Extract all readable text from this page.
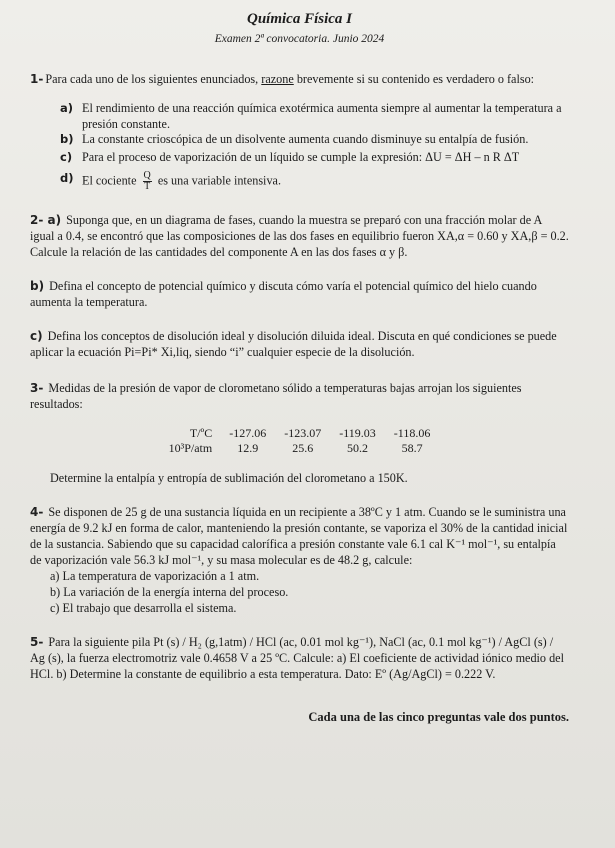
Química Física I
Examen 2ª convocatoria. Junio 2024
1- Para cada uno de los siguientes enunciados, razone brevemente si su contenido es verdadero o falso:
a) El rendimiento de una reacción química exotérmica aumenta siempre al aumentar la temperatura a presión constante.
b) La constante crioscópica de un disolvente aumenta cuando disminuye su entalpía de fusión.
c) Para el proceso de vaporización de un líquido se cumple la expresión: ΔU = ΔH – n R ΔT
d) El cociente $\frac{Q}{T}$ es una variable intensiva.
2- a) Suponga que, en un diagrama de fases, cuando la muestra se preparó con una fracción molar de A igual a 0.4, se encontró que las composiciones de las dos fases en equilibrio fueron XA,α = 0.60 y XA,β = 0.2. Calcule la relación de las cantidades del componente A en las dos fases α y β.
b) Defina el concepto de potencial químico y discuta cómo varía el potencial químico del hielo cuando aumenta la temperatura.
c) Defina los conceptos de disolución ideal y disolución diluida ideal. Discuta en qué condiciones se puede aplicar la ecuación Pi=Pi* Xi,liq, siendo “i” cualquier especie de la disolución.
3- Medidas de la presión de vapor de clorometano sólido a temperaturas bajas arrojan los siguientes resultados:
T/ºC	-127.06	-123.07	-119.03	-118.06
10³P/atm	12.9	25.6	50.2	58.7
Determine la entalpía y entropía de sublimación del clorometano a 150K.
4- Se disponen de 25 g de una sustancia líquida en un recipiente a 38ºC y 1 atm. Cuando se le suministra una energía de 9.2 kJ en forma de calor, manteniendo la presión contante, se vaporiza el 30% de la cantidad inicial de la sustancia. Sabiendo que su capacidad calorífica a presión constante vale 6.1 cal K⁻¹ mol⁻¹, su entalpía de vaporización vale 56.3 kJ mol⁻¹, y su masa molecular es de 48.2 g, calcule:
a) La temperatura de vaporización a 1 atm.
b) La variación de la energía interna del proceso.
c) El trabajo que desarrolla el sistema.
5- Para la siguiente pila Pt (s) / H₂ (g,1atm) / HCl (ac, 0.01 mol kg⁻¹), NaCl (ac, 0.1 mol kg⁻¹) / AgCl (s) / Ag (s), la fuerza electromotriz vale 0.4658 V a 25 ºC. Calcule: a) El coeficiente de actividad iónico medio del HCl. b) Determine la constante de equilibrio a esta temperatura. Dato: Eº (Ag/AgCl) = 0.222 V.
Cada una de las cinco preguntas vale dos puntos.
